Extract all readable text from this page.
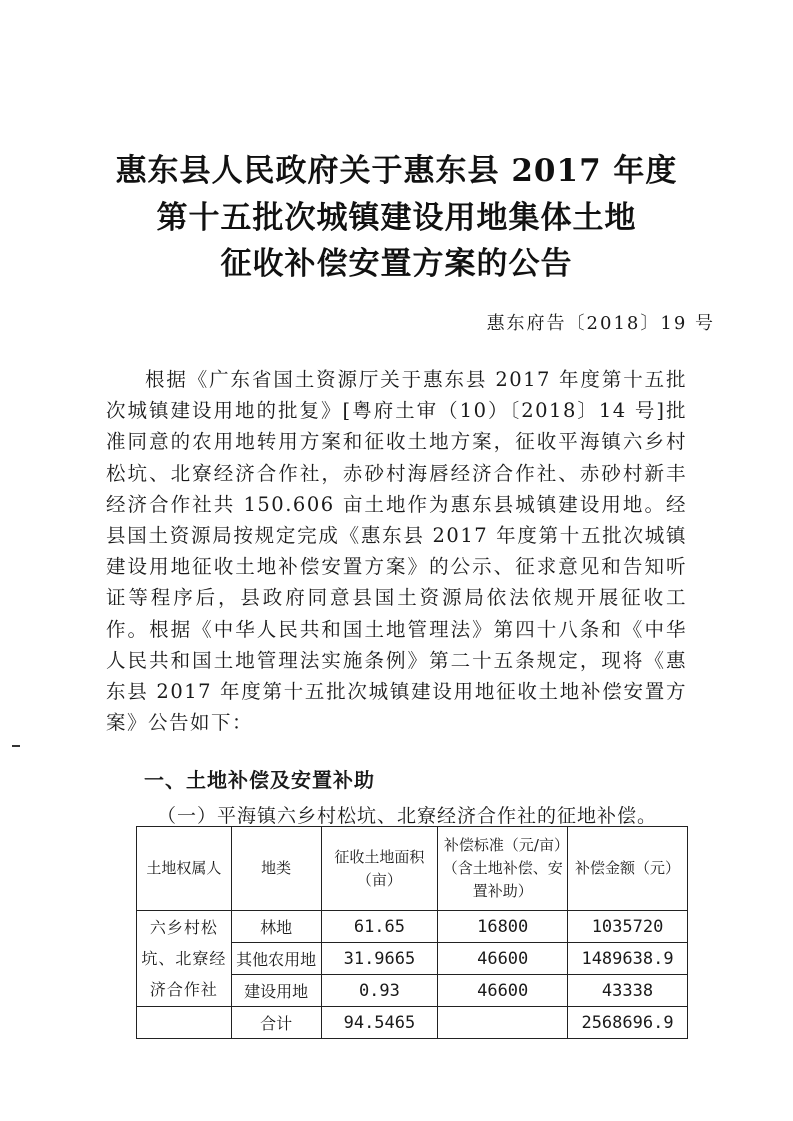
惠东县人民政府关于惠东县 2017 年度
第十五批次城镇建设用地集体土地
征收补偿安置方案的公告
惠东府告〔2018〕19 号

根据《广东省国土资源厅关于惠东县 2017 年度第十五批次城镇建设用地的批复》[粤府土审（10）〔2018〕14 号]批准同意的农用地转用方案和征收土地方案，征收平海镇六乡村松坑、北寮经济合作社，赤砂村海唇经济合作社、赤砂村新丰经济合作社共 150.606 亩土地作为惠东县城镇建设用地。经县国土资源局按规定完成《惠东县 2017 年度第十五批次城镇建设用地征收土地补偿安置方案》的公示、征求意见和告知听证等程序后，县政府同意县国土资源局依法依规开展征收工作。根据《中华人民共和国土地管理法》第四十八条和《中华人民共和国土地管理法实施条例》第二十五条规定，现将《惠东县 2017 年度第十五批次城镇建设用地征收土地补偿安置方案》公告如下：

一、土地补偿及安置补助
（一）平海镇六乡村松坑、北寮经济合作社的征地补偿。
土地权属人	地类	征收土地面积（亩）	补偿标准（元/亩）（含土地补偿、安置补助）	补偿金额（元）
六乡村松坑、北寮经济合作社	林地	61.65	16800	1035720
	其他农用地	31.9665	46600	1489638.9
	建设用地	0.93	46600	43338
	合计	94.5465		2568696.9
